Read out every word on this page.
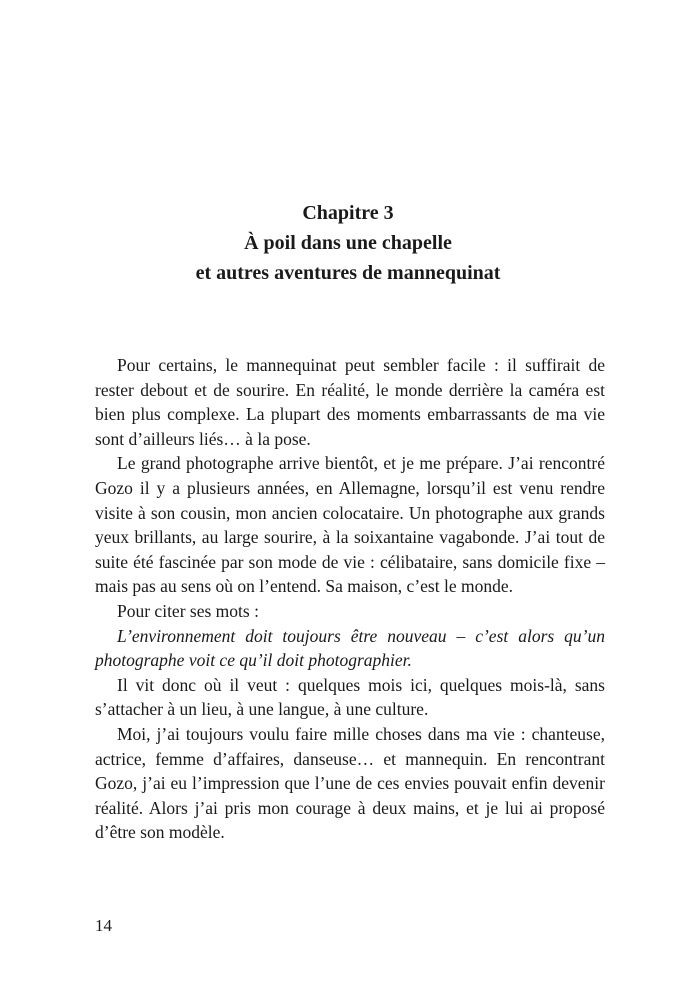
Chapitre 3
À poil dans une chapelle
et autres aventures de mannequinat

Pour certains, le mannequinat peut sembler facile : il suffirait de rester debout et de sourire. En réalité, le monde derrière la caméra est bien plus complexe. La plupart des moments embarrassants de ma vie sont d’ailleurs liés… à la pose.

Le grand photographe arrive bientôt, et je me prépare. J’ai rencontré Gozo il y a plusieurs années, en Allemagne, lorsqu’il est venu rendre visite à son cousin, mon ancien colocataire. Un photographe aux grands yeux brillants, au large sourire, à la soixantaine vagabonde. J’ai tout de suite été fascinée par son mode de vie : célibataire, sans domicile fixe – mais pas au sens où on l’entend. Sa maison, c’est le monde.

Pour citer ses mots :

L’environnement doit toujours être nouveau – c’est alors qu’un photographe voit ce qu’il doit photographier.

Il vit donc où il veut : quelques mois ici, quelques mois-là, sans s’attacher à un lieu, à une langue, à une culture.

Moi, j’ai toujours voulu faire mille choses dans ma vie : chanteuse, actrice, femme d’affaires, danseuse… et mannequin. En rencontrant Gozo, j’ai eu l’impression que l’une de ces envies pouvait enfin devenir réalité. Alors j’ai pris mon courage à deux mains, et je lui ai proposé d’être son modèle.

14
